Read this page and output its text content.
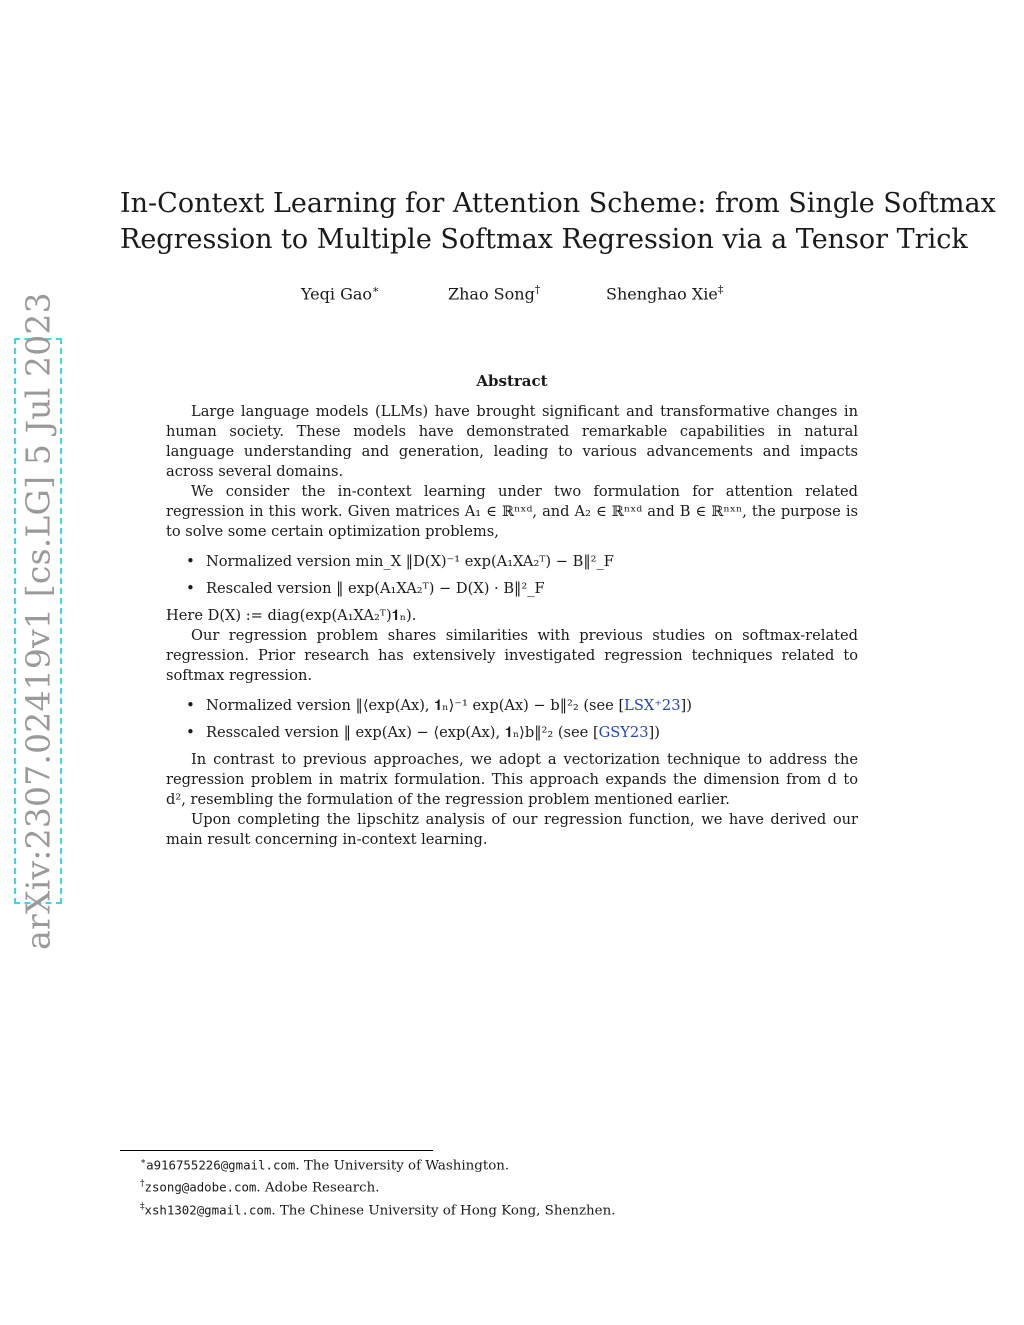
arXiv:2307.02419v1 [cs.LG] 5 Jul 2023
In-Context Learning for Attention Scheme: from Single Softmax
Regression to Multiple Softmax Regression via a Tensor Trick
Yeqi Gao∗	Zhao Song†	Shenghao Xie‡
Abstract

Large language models (LLMs) have brought significant and transformative changes in human society. These models have demonstrated remarkable capabilities in natural language understanding and generation, leading to various advancements and impacts across several domains.

We consider the in-context learning under two formulation for attention related regression in this work. Given matrices A₁ ∈ ℝⁿˣᵈ, and A₂ ∈ ℝⁿˣᵈ and B ∈ ℝⁿˣⁿ, the purpose is to solve some certain optimization problems,

• Normalized version min_X ‖D(X)⁻¹ exp(A₁XA₂ᵀ) − B‖²_F
• Rescaled version ‖ exp(A₁XA₂ᵀ) − D(X) · B‖²_F

Here D(X) := diag(exp(A₁XA₂ᵀ)𝟏ₙ).

Our regression problem shares similarities with previous studies on softmax-related regression. Prior research has extensively investigated regression techniques related to softmax regression.

• Normalized version ‖⟨exp(Ax), 𝟏ₙ⟩⁻¹ exp(Ax) − b‖²₂ (see [LSX⁺23])
• Resscaled version ‖ exp(Ax) − ⟨exp(Ax), 𝟏ₙ⟩b‖²₂ (see [GSY23])

In contrast to previous approaches, we adopt a vectorization technique to address the regression problem in matrix formulation. This approach expands the dimension from d to d², resembling the formulation of the regression problem mentioned earlier.

Upon completing the lipschitz analysis of our regression function, we have derived our main result concerning in-context learning.

∗a916755226@gmail.com. The University of Washington.
†zsong@adobe.com. Adobe Research.
‡xsh1302@gmail.com. The Chinese University of Hong Kong, Shenzhen.
